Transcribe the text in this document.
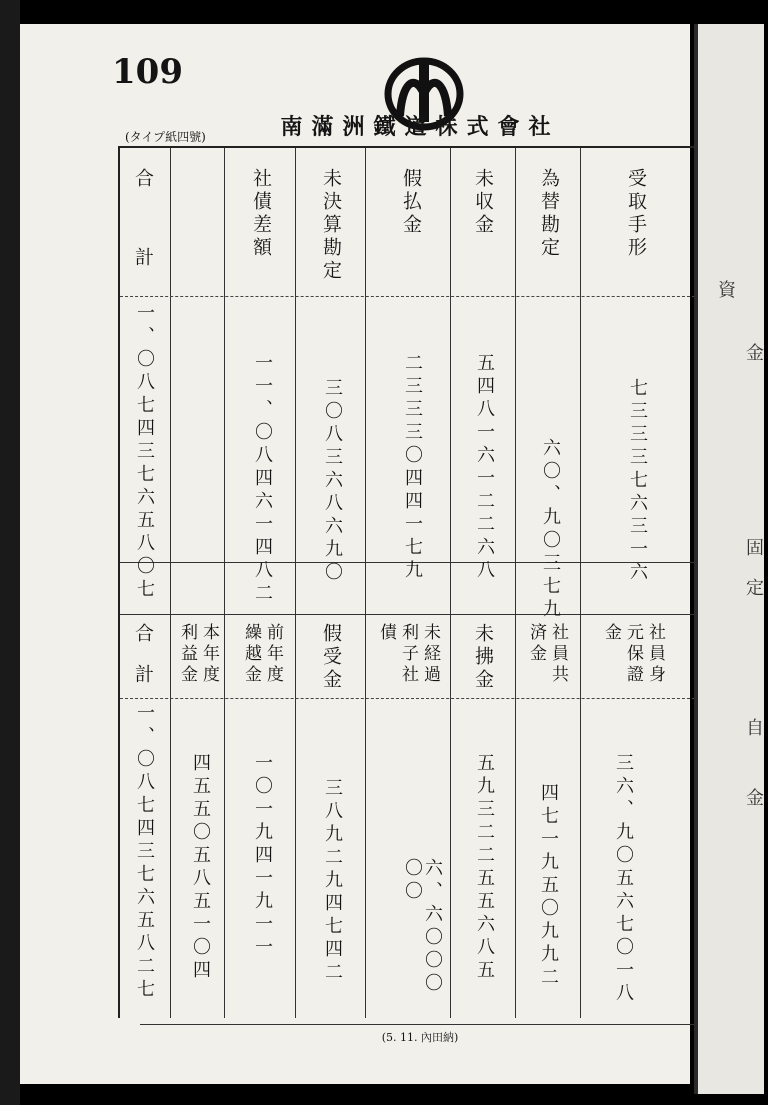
109
南滿洲鐵道株式會社
(タイプ紙四號)
受取手形
為替勘定
未収金
假払金
未決算勘定
社債差額
合計
七三三三七六三一六
六〇、九〇三七九
五四八一六一二二六八
二三三三〇四四一七九
三〇八三六八六九〇
一一、〇八四六一四八二
一、〇八七四三七六五八〇七
社員身元保證金
社員共済金
未拂金
未経過利子社債
假受金
前年度繰越金
本年度利益金
合計
三六、九〇五六七〇一八
四七一九五〇九九二
五九三二二五五六八五
六、六〇〇〇〇〇
三八九二九四七四二
一〇一九四一九一一
四五五〇五八五一〇四
一、〇八七四三七六五八二七
(5. 11. 內田納)
資
金
固
定
自
金
